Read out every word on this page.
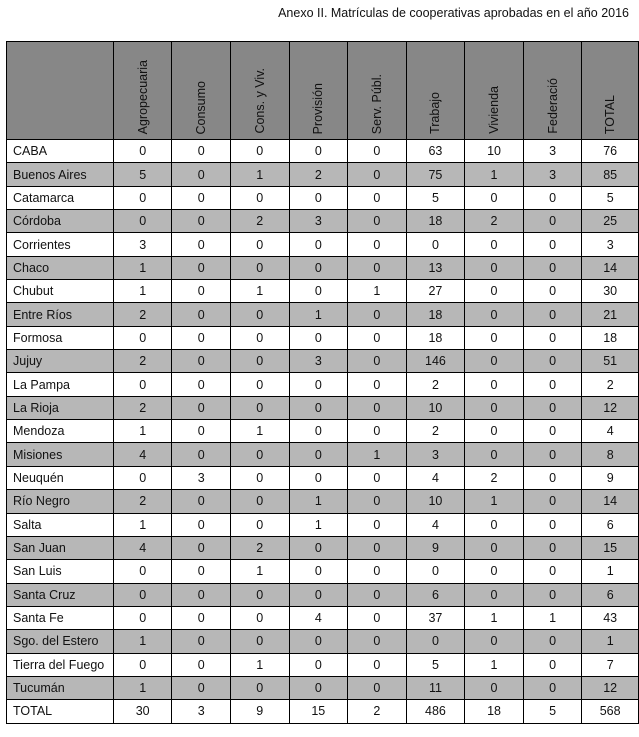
Anexo II. Matrículas de cooperativas aprobadas en el año 2016

	Agropecuaria	Consumo	Cons. y Viv.	Provisión	Serv. Públ.	Trabajo	Vivienda	Federació	TOTAL

CABA	0	0	0	0	0	63	10	3	76
Buenos Aires	5	0	1	2	0	75	1	3	85
Catamarca	0	0	0	0	0	5	0	0	5
Córdoba	0	0	2	3	0	18	2	0	25
Corrientes	3	0	0	0	0	0	0	0	3
Chaco	1	0	0	0	0	13	0	0	14
Chubut	1	0	1	0	1	27	0	0	30
Entre Ríos	2	0	0	1	0	18	0	0	21
Formosa	0	0	0	0	0	18	0	0	18
Jujuy	2	0	0	3	0	146	0	0	51
La Pampa	0	0	0	0	0	2	0	0	2
La Rioja	2	0	0	0	0	10	0	0	12
Mendoza	1	0	1	0	0	2	0	0	4
Misiones	4	0	0	0	1	3	0	0	8
Neuquén	0	3	0	0	0	4	2	0	9
Río Negro	2	0	0	1	0	10	1	0	14
Salta	1	0	0	1	0	4	0	0	6
San Juan	4	0	2	0	0	9	0	0	15
San Luis	0	0	1	0	0	0	0	0	1
Santa Cruz	0	0	0	0	0	6	0	0	6
Santa Fe	0	0	0	4	0	37	1	1	43
Sgo. del Estero	1	0	0	0	0	0	0	0	1
Tierra del Fuego	0	0	1	0	0	5	1	0	7
Tucumán	1	0	0	0	0	11	0	0	12
TOTAL	30	3	9	15	2	486	18	5	568
